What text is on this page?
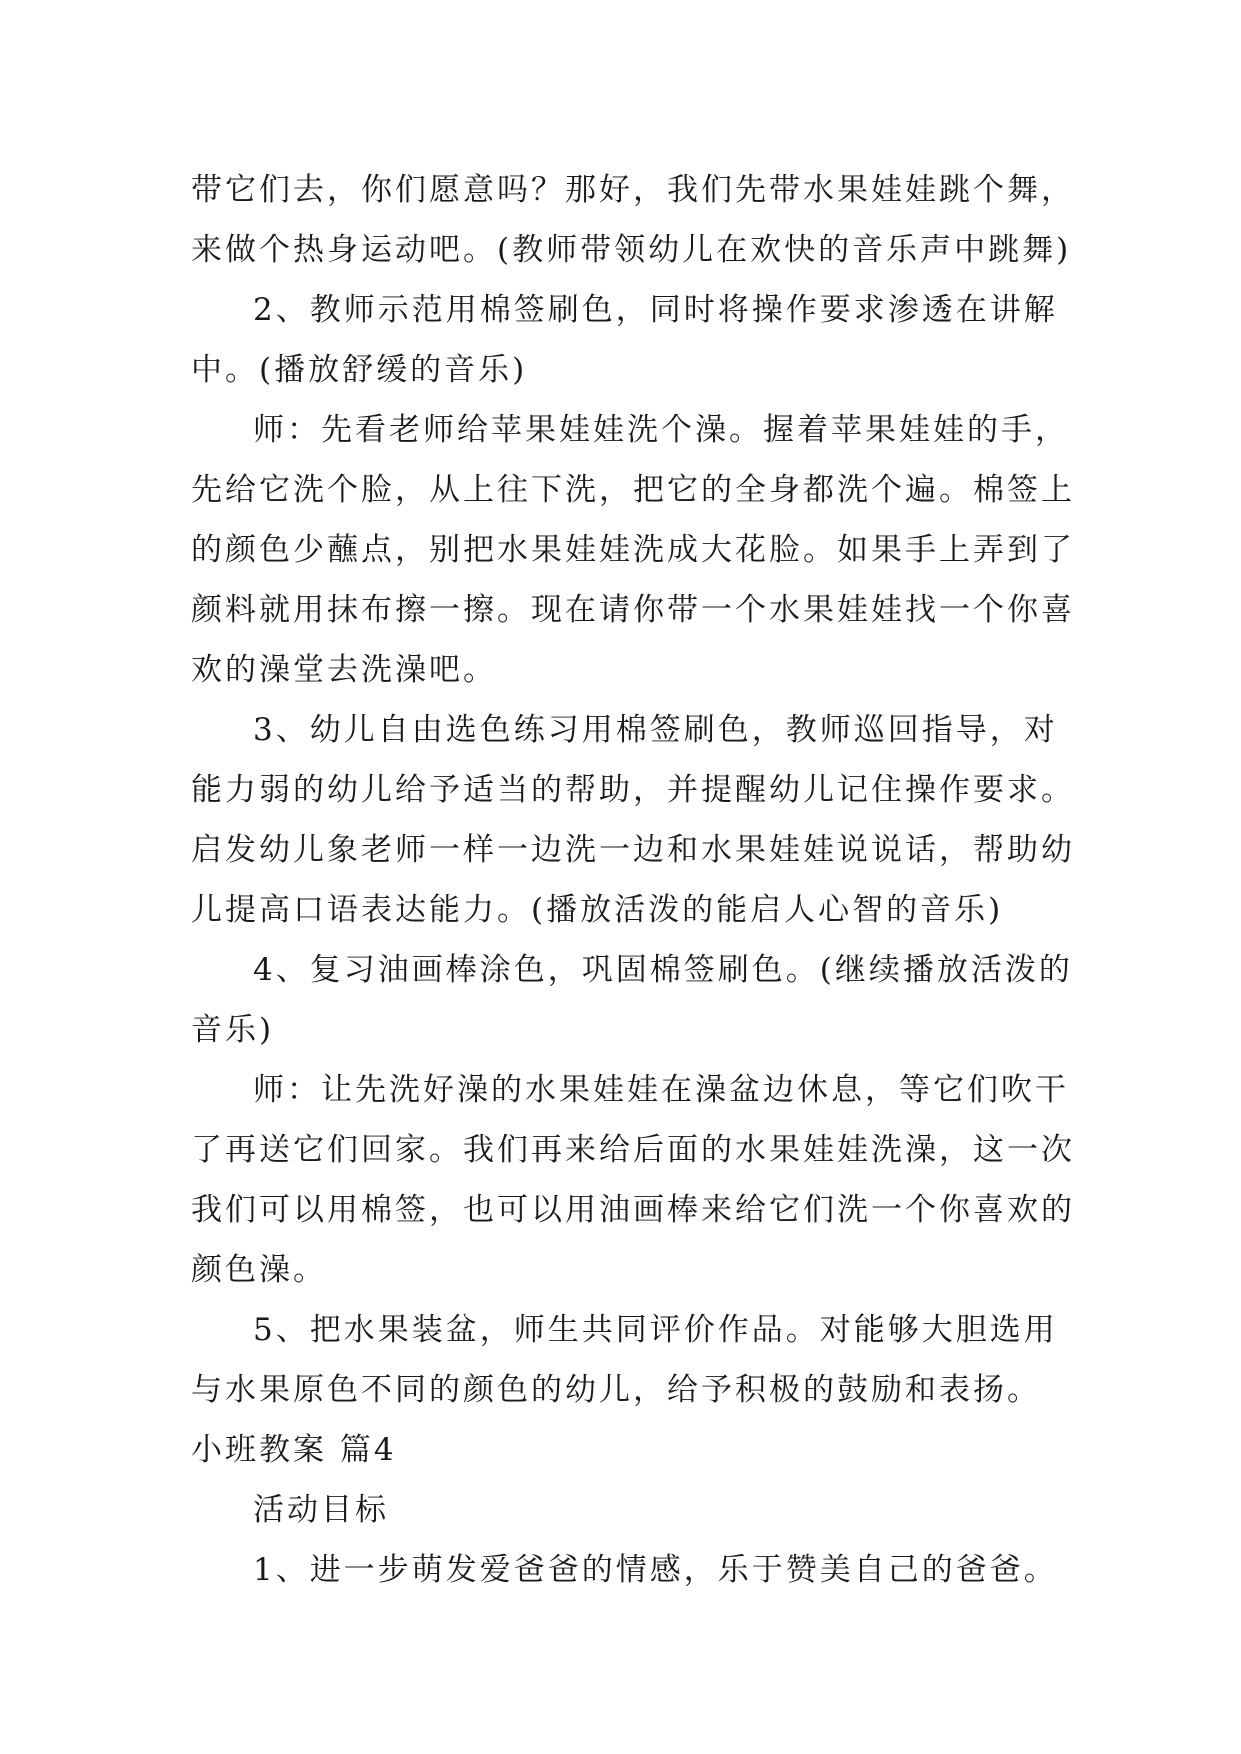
带它们去，你们愿意吗？那好，我们先带水果娃娃跳个舞，
来做个热身运动吧。(教师带领幼儿在欢快的音乐声中跳舞)
2、教师示范用棉签刷色，同时将操作要求渗透在讲解
中。(播放舒缓的音乐)
师：先看老师给苹果娃娃洗个澡。握着苹果娃娃的手，
先给它洗个脸，从上往下洗，把它的全身都洗个遍。棉签上
的颜色少蘸点，别把水果娃娃洗成大花脸。如果手上弄到了
颜料就用抹布擦一擦。现在请你带一个水果娃娃找一个你喜
欢的澡堂去洗澡吧。
3、幼儿自由选色练习用棉签刷色，教师巡回指导，对
能力弱的幼儿给予适当的帮助，并提醒幼儿记住操作要求。
启发幼儿象老师一样一边洗一边和水果娃娃说说话，帮助幼
儿提高口语表达能力。(播放活泼的能启人心智的音乐)
4、复习油画棒涂色，巩固棉签刷色。(继续播放活泼的
音乐)
师：让先洗好澡的水果娃娃在澡盆边休息，等它们吹干
了再送它们回家。我们再来给后面的水果娃娃洗澡，这一次
我们可以用棉签，也可以用油画棒来给它们洗一个你喜欢的
颜色澡。
5、把水果装盆，师生共同评价作品。对能够大胆选用
与水果原色不同的颜色的幼儿，给予积极的鼓励和表扬。
小班教案 篇4
活动目标
1、进一步萌发爱爸爸的情感，乐于赞美自己的爸爸。
